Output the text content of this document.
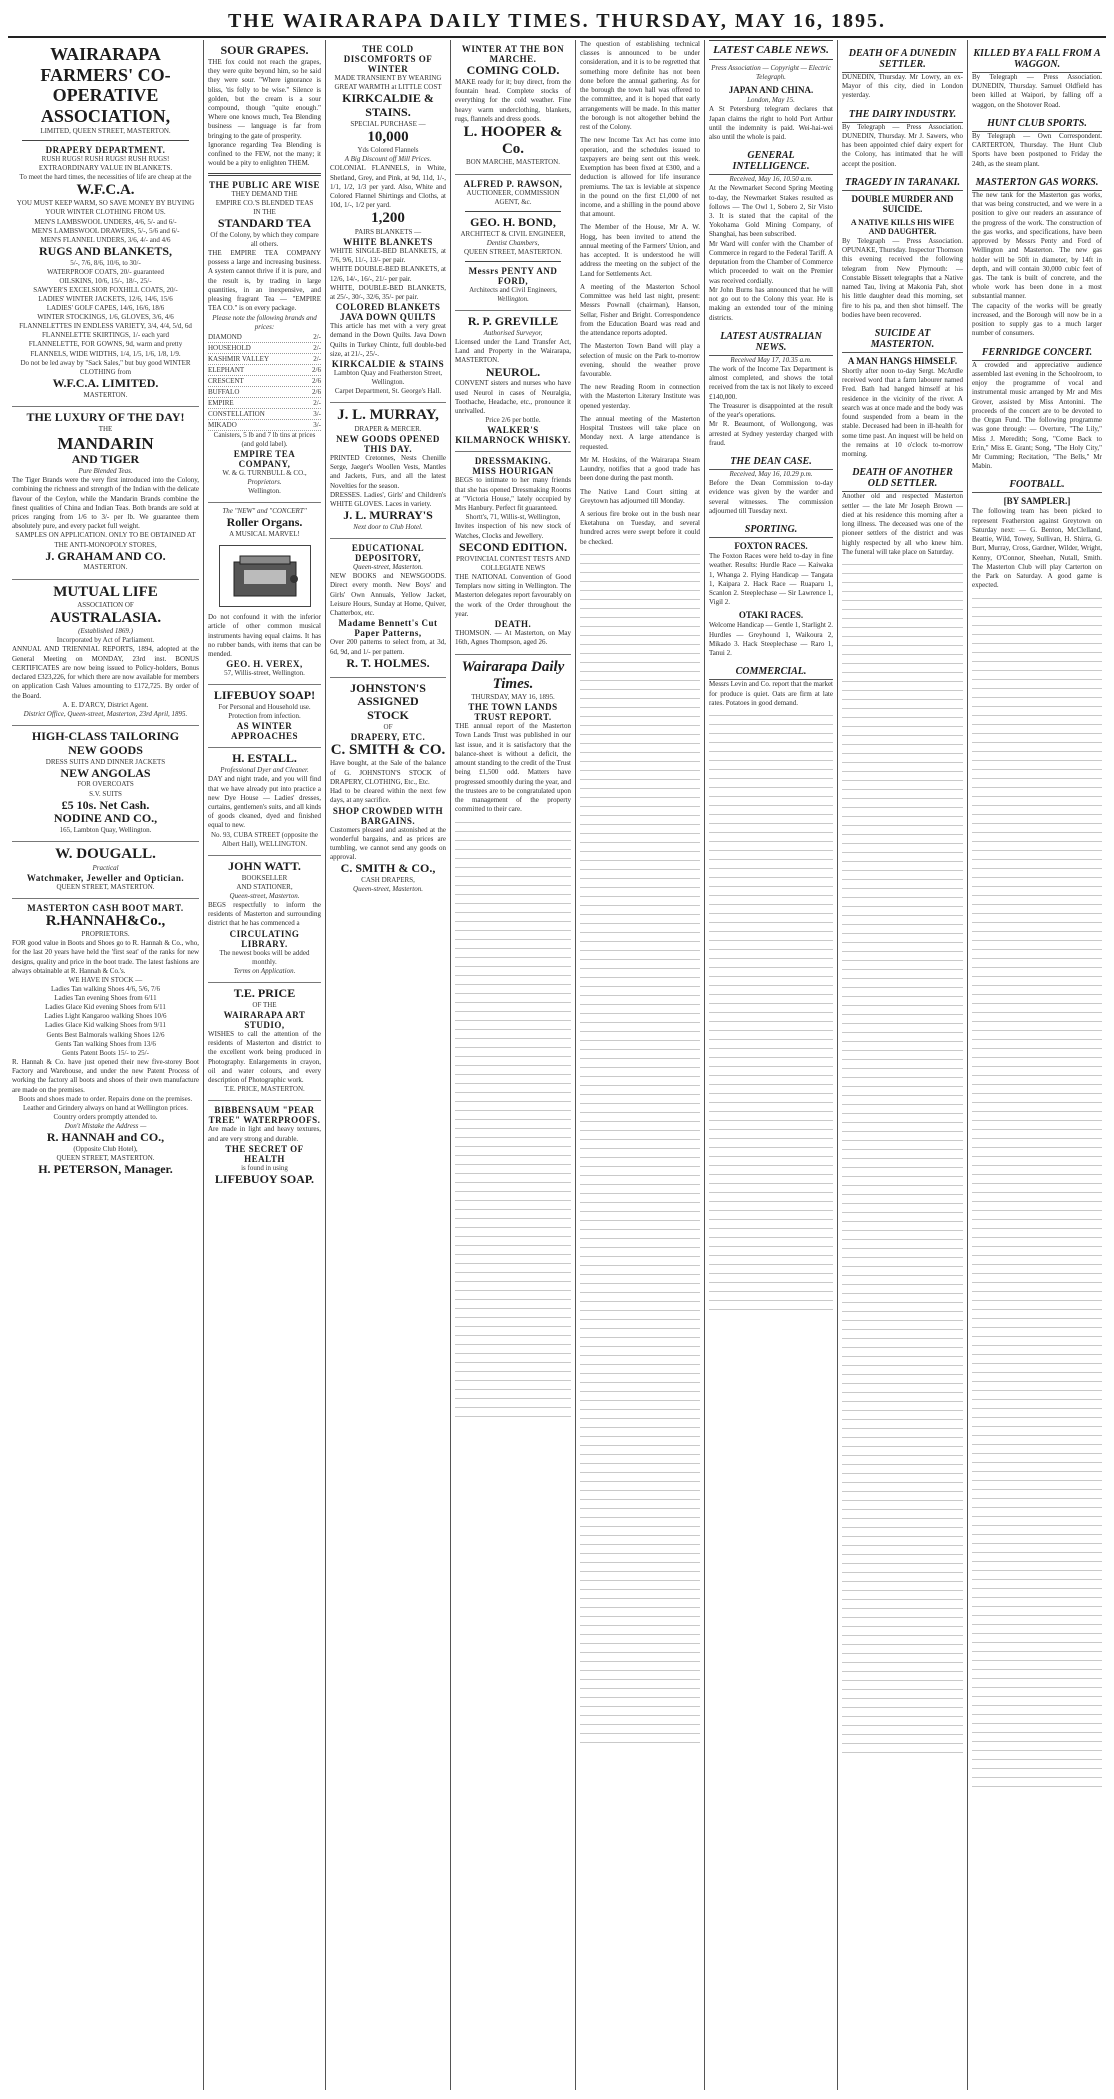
THE WAIRARAPA DAILY TIMES. THURSDAY, MAY 16, 1895.
WAIRARAPA FARMERS' CO-OPERATIVE ASSOCIATION,
LIMITED, QUEEN STREET, MASTERTON.
DRAPERY DEPARTMENT.
RUSH RUGS! RUSH RUGS! RUSH RUGS!
EXTRAORDINARY VALUE IN BLANKETS.
To meet the hard times, the necessities of life are cheap at the
W.F.C.A.
YOU MUST KEEP WARM, SO SAVE MONEY BY BUYING YOUR WINTER CLOTHING FROM US.
MEN'S LAMBSWOOL UNDERS, 4/6, 5/- and 6/-
MEN'S LAMBSWOOL DRAWERS, 5/-, 5/6 and 6/-
MEN'S FLANNEL UNDERS, 3/6, 4/- and 4/6
RUGS AND BLANKETS,
5/-, 7/6, 8/6, 10/6, to 30/-
WATERPROOF COATS, 20/- guaranteed
OILSKINS, 10/6, 15/-, 18/-, 25/-
SAWYER'S EXCELSIOR FOXHILL COATS, 20/-
LADIES' WINTER JACKETS, 12/6, 14/6, 15/6
LADIES' GOLF CAPES, 14/6, 16/6, 18/6
WINTER STOCKINGS, 1/6, GLOVES, 3/6, 4/6
FLANNELETTES IN ENDLESS VARIETY, 3/4, 4/4, 5/d, 6d
FLANNELETTE SKIRTINGS, 1/- each yard
FLANNELETTE, FOR GOWNS, 9d, warm and pretty
FLANNELS, WIDE WIDTHS, 1/4, 1/5, 1/6, 1/8, 1/9.
Do not be led away by "Sack Sales," but buy good WINTER CLOTHING from
W.F.C.A. LIMITED.
MASTERTON.
THE LUXURY OF THE DAY!
THE
MANDARIN
AND TIGER
Pure Blended Teas.
The Tiger Brands were the very first introduced into the Colony, combining the richness and strength of the Indian with the delicate flavour of the Ceylon, while the Mandarin Brands combine the finest qualities of China and Indian Teas. Both brands are sold at prices ranging from 1/6 to 3/- per lb. We guarantee them absolutely pure, and every packet full weight.
SAMPLES ON APPLICATION. ONLY TO BE OBTAINED AT
THE ANTI-MONOPOLY STORES,
J. GRAHAM AND CO.
MASTERTON.
MUTUAL LIFE
ASSOCIATION OF
AUSTRALASIA.
(Established 1869.)
Incorporated by Act of Parliament.
ANNUAL AND TRIENNIAL REPORTS, 1894, adopted at the General Meeting on MONDAY, 23rd inst. BONUS CERTIFICATES are now being issued to Policy-holders, Bonus declared £323,226, for which there are now available for members on application Cash Values amounting to £172,725. By order of the Board.
A. E. D'ARCY, District Agent.
District Office, Queen-street, Masterton, 23rd April, 1895.
HIGH-CLASS TAILORING
NEW GOODS
DRESS SUITS AND DINNER JACKETS
NEW ANGOLAS
FOR OVERCOATS
S.V. SUITS
£5 10s. Net Cash.
NODINE AND CO.,
165, Lambton Quay, Wellington.
W. DOUGALL.
Practical
Watchmaker, Jeweller and Optician.
QUEEN STREET, MASTERTON.
MASTERTON CASH BOOT MART.
R.HANNAH&Co.,
PROPRIETORS.
FOR good value in Boots and Shoes go to R. Hannah & Co., who, for the last 20 years have held the 'first seat' of the ranks for new designs, quality and price in the boot trade. The latest fashions are always obtainable at R. Hannah & Co.'s.
WE HAVE IN STOCK —
Ladies Tan walking Shoes 4/6, 5/6, 7/6
Ladies Tan evening Shoes from 6/11
Ladies Glace Kid evening Shoes from 6/11
Ladies Light Kangaroo walking Shoes 10/6
Ladies Glace Kid walking Shoes from 9/11
Gents Best Balmorals walking Shoes 12/6
Gents Tan walking Shoes from 13/6
Gents Patent Boots 15/- to 25/-
R. Hannah & Co. have just opened their new five-storey Boot Factory and Warehouse, and under the new Patent Process of working the factory all boots and shoes of their own manufacture are made on the premises.
Boots and shoes made to order. Repairs done on the premises.
Leather and Grindery always on hand at Wellington prices.
Country orders promptly attended to.
Don't Mistake the Address —
R. HANNAH and CO.,
(Opposite Club Hotel),
QUEEN STREET, MASTERTON.
H. PETERSON, Manager.
SOUR GRAPES.
THE fox could not reach the grapes, they were quite beyond him, so he said they were sour. "Where ignorance is bliss, 'tis folly to be wise." Silence is golden, but the cream is a sour compound, though "quite enough." Where one knows much, Tea Blending business — language is far from bringing to the gate of prosperity.
Ignorance regarding Tea Blending is confined to the FEW, not the many; it would be a pity to enlighten THEM.
THE PUBLIC ARE WISE
THEY DEMAND THE
EMPIRE CO.'S BLENDED TEAS
IN THE
STANDARD TEA
Of the Colony, by which they compare all others.
THE EMPIRE TEA COMPANY possess a large and increasing business. A system cannot thrive if it is pure, and the result is, by trading in large quantities, in an inexpensive, and pleasing fragrant Tea — "EMPIRE TEA CO." is on every package.
Please note the following brands and prices:
DIAMOND	2/-
HOUSEHOLD	2/-
KASHMIR VALLEY	2/-
ELEPHANT	2/6
CRESCENT	2/6
BUFFALO	2/6
EMPIRE	2/-
CONSTELLATION	3/-
MIKADO	3/-
Canisters, 5 lb and 7 lb tins at prices (and gold label).
EMPIRE TEA COMPANY,
W. & G. TURNBULL & CO.,
Proprietors.
Wellington.
The "NEW" and "CONCERT"
Roller Organs.
A MUSICAL MARVEL!
Do not confound it with the inferior article of other common musical instruments having equal claims. It has no rubber bands, with items that can be mended.
GEO. H. VEREX,
57, Willis-street, Wellington.
LIFEBUOY SOAP!
For Personal and Household use. Protection from infection.
AS WINTER APPROACHES
H. ESTALL.
Professional Dyer and Cleaner.
DAY and night trade, and you will find that we have already put into practice a new Dye House — Ladies' dresses, curtains, gentlemen's suits, and all kinds of goods cleaned, dyed and finished equal to new.
No. 93, CUBA STREET (opposite the Albert Hall), WELLINGTON.
JOHN WATT.
BOOKSELLER
AND STATIONER,
Queen-street, Masterton.
BEGS respectfully to inform the residents of Masterton and surrounding district that he has commenced a
CIRCULATING LIBRARY.
The newest books will be added monthly.
Terms on Application.
T.E. PRICE
OF THE
WAIRARAPA ART STUDIO,
WISHES to call the attention of the residents of Masterton and district to the excellent work being produced in Photography. Enlargements in crayon, oil and water colours, and every description of Photographic work.
T.E. PRICE, MASTERTON.
BIBBENSAUM "PEAR TREE" WATERPROOFS.
Are made in light and heavy textures, and are very strong and durable.
THE SECRET OF HEALTH
is found in using
LIFEBUOY SOAP.
THE COLD DISCOMFORTS OF WINTER
MADE TRANSIENT BY WEARING
GREAT WARMTH at LITTLE COST
KIRKCALDIE & STAINS.
SPECIAL PURCHASE —
10,000
Yds Colored Flannels
A Big Discount off Mill Prices.
COLONIAL FLANNELS, in White, Shetland, Grey, and Pink, at 9d, 11d, 1/-, 1/1, 1/2, 1/3 per yard. Also, White and Colored Flannel Shirtings and Cloths, at 10d, 1/-, 1/2 per yard.
1,200
PAIRS BLANKETS —
WHITE BLANKETS
WHITE SINGLE-BED BLANKETS, at 7/6, 9/6, 11/-, 13/- per pair.
WHITE DOUBLE-BED BLANKETS, at 12/6, 14/-, 16/-, 21/- per pair.
WHITE, DOUBLE-BED BLANKETS, at 25/-, 30/-, 32/6, 35/- per pair.
COLORED BLANKETS
JAVA DOWN QUILTS
This article has met with a very great demand in the Down Quilts. Java Down Quilts in Turkey Chintz, full double-bed size, at 21/-, 25/-.
KIRKCALDIE & STAINS
Lambton Quay and Featherston Street, Wellington.
Carpet Department, St. George's Hall.
J. L. MURRAY,
DRAPER & MERCER.
NEW GOODS OPENED THIS DAY.
PRINTED Cretonnes, Nests Chenille Serge, Jaeger's Woollen Vests, Mantles and Jackets, Furs, and all the latest Novelties for the season.
DRESSES. Ladies', Girls' and Children's WHITE GLOVES. Laces in variety.
J. L. MURRAY'S
Next door to Club Hotel.
EDUCATIONAL DEPOSITORY,
Queen-street, Masterton.
NEW BOOKS and NEWSGOODS. Direct every month. New Boys' and Girls' Own Annuals, Yellow Jacket, Leisure Hours, Sunday at Home, Quiver, Chatterbox, etc.
Madame Bennett's Cut Paper Patterns,
Over 200 patterns to select from, at 3d, 6d, 9d, and 1/- per pattern.
R. T. HOLMES.
JOHNSTON'S
ASSIGNED
STOCK
OF
DRAPERY, ETC.
C. SMITH & CO.
Have bought, at the Sale of the balance of G. JOHNSTON'S STOCK of DRAPERY, CLOTHING, Etc., Etc.
Had to be cleared within the next few days, at any sacrifice.
SHOP CROWDED WITH BARGAINS.
Customers pleased and astonished at the wonderful bargains, and as prices are tumbling, we cannot send any goods on approval.
C. SMITH & CO.,
CASH DRAPERS,
Queen-street, Masterton.
WINTER AT THE BON MARCHE.
COMING COLD.
MAKE ready for it; buy direct, from the fountain head. Complete stocks of everything for the cold weather. Fine heavy warm underclothing, blankets, rugs, flannels and dress goods.
L. HOOPER & Co.
BON MARCHE, MASTERTON.
ALFRED P. RAWSON,
AUCTIONEER, COMMISSION AGENT, &c.
GEO. H. BOND,
ARCHITECT & CIVIL ENGINEER,
Dentist Chambers,
QUEEN STREET, MASTERTON.
Messrs PENTY AND FORD,
Architects and Civil Engineers,
Wellington.
R. P. GREVILLE
Authorised Surveyor,
Licensed under the Land Transfer Act, Land and Property in the Wairarapa, MASTERTON.
NEUROL.
CONVENT sisters and nurses who have used Neurol in cases of Neuralgia, Toothache, Headache, etc., pronounce it unrivalled.
Price 2/6 per bottle.
WALKER'S KILMARNOCK WHISKY.
DRESSMAKING.
MISS HOURIGAN
BEGS to intimate to her many friends that she has opened Dressmaking Rooms at "Victoria House," lately occupied by Mrs Hanbury. Perfect fit guaranteed.
Shortt's, 71, Willis-st, Wellington,
Invites inspection of his new stock of Watches, Clocks and Jewellery.
SECOND EDITION.
PROVINCIAL CONTEST TESTS AND COLLEGIATE NEWS
THE NATIONAL Convention of Good Templars now sitting in Wellington. The Masterton delegates report favourably on the work of the Order throughout the year.
DEATH.
THOMSON. — At Masterton, on May 16th, Agnes Thompson, aged 26.
Wairarapa Daily Times.
THURSDAY, MAY 16, 1895.
THE TOWN LANDS TRUST REPORT.
THE annual report of the Masterton Town Lands Trust was published in our last issue, and it is satisfactory that the balance-sheet is without a deficit, the amount standing to the credit of the Trust being £1,500 odd. Matters have progressed smoothly during the year, and the trustees are to be congratulated upon the management of the property committed to their care.
The question of establishing technical classes is announced to be under consideration, and it is to be regretted that something more definite has not been done before the annual gathering. As for the borough the town hall was offered to the committee, and it is hoped that early arrangements will be made. In this matter the borough is not altogether behind the rest of the Colony.
The new Income Tax Act has come into operation, and the schedules issued to taxpayers are being sent out this week. Exemption has been fixed at £300, and a deduction is allowed for life insurance premiums. The tax is leviable at sixpence in the pound on the first £1,000 of net income, and a shilling in the pound above that amount.
The Member of the House, Mr A. W. Hogg, has been invited to attend the annual meeting of the Farmers' Union, and has accepted. It is understood he will address the meeting on the subject of the Land for Settlements Act.
A meeting of the Masterton School Committee was held last night, present: Messrs Pownall (chairman), Hanson, Sellar, Fisher and Bright. Correspondence from the Education Board was read and the attendance reports adopted.
The Masterton Town Band will play a selection of music on the Park to-morrow evening, should the weather prove favourable.
The new Reading Room in connection with the Masterton Literary Institute was opened yesterday.
The annual meeting of the Masterton Hospital Trustees will take place on Monday next. A large attendance is requested.
Mr M. Hoskins, of the Wairarapa Steam Laundry, notifies that a good trade has been done during the past month.
The Native Land Court sitting at Greytown has adjourned till Monday.
A serious fire broke out in the bush near Eketahuna on Tuesday, and several hundred acres were swept before it could be checked.
LATEST CABLE NEWS.
Press Association — Copyright — Electric Telegraph.
JAPAN AND CHINA.
London, May 15.
A St Petersburg telegram declares that Japan claims the right to hold Port Arthur until the indemnity is paid. Wei-hai-wei also until the whole is paid.
GENERAL INTELLIGENCE.
Received, May 16, 10.50 a.m.
At the Newmarket Second Spring Meeting to-day, the Newmarket Stakes resulted as follows — The Owl 1, Sobero 2, Sir Visto 3. It is stated that the capital of the Yokohama Gold Mining Company, of Shanghai, has been subscribed.
Mr Ward will confer with the Chamber of Commerce in regard to the Federal Tariff. A deputation from the Chamber of Commerce which proceeded to wait on the Premier was received cordially.
Mr John Burns has announced that he will not go out to the Colony this year. He is making an extended tour of the mining districts.
LATEST AUSTRALIAN NEWS.
Received May 17, 10.35 a.m.
The work of the Income Tax Department is almost completed, and shows the total received from the tax is not likely to exceed £140,000.
The Treasurer is disappointed at the result of the year's operations.
Mr R. Beaumont, of Wollongong, was arrested at Sydney yesterday charged with fraud.
THE DEAN CASE.
Received, May 16, 10.29 p.m.
Before the Dean Commission to-day evidence was given by the warder and several witnesses. The commission adjourned till Tuesday next.
SPORTING.
FOXTON RACES.
The Foxton Races were held to-day in fine weather. Results: Hurdle Race — Kaiwaka 1, Whanga 2. Flying Handicap — Tangata 1, Kaipara 2. Hack Race — Ruaparu 1, Scanlon 2. Steeplechase — Sir Lawrence 1, Vigil 2.
OTAKI RACES.
Welcome Handicap — Gentle 1, Starlight 2. Hurdles — Greyhound 1, Waikoura 2, Mikado 3. Hack Steeplechase — Raro 1, Tanui 2.
COMMERCIAL.
Messrs Levin and Co. report that the market for produce is quiet. Oats are firm at late rates. Potatoes in good demand.
DEATH OF A DUNEDIN SETTLER.
DUNEDIN, Thursday. Mr Lowry, an ex-Mayor of this city, died in London yesterday.
THE DAIRY INDUSTRY.
By Telegraph — Press Association. DUNEDIN, Thursday. Mr J. Sawers, who has been appointed chief dairy expert for the Colony, has intimated that he will accept the position.
TRAGEDY IN TARANAKI.
DOUBLE MURDER AND SUICIDE.
A NATIVE KILLS HIS WIFE AND DAUGHTER.
By Telegraph — Press Association. OPUNAKE, Thursday. Inspector Thomson this evening received the following telegram from New Plymouth: — Constable Bissett telegraphs that a Native named Tau, living at Makonia Pah, shot his little daughter dead this morning, set fire to his pa, and then shot himself. The bodies have been recovered.
SUICIDE AT MASTERTON.
A MAN HANGS HIMSELF.
Shortly after noon to-day Sergt. McArdle received word that a farm labourer named Fred. Bath had hanged himself at his residence in the vicinity of the river. A search was at once made and the body was found suspended from a beam in the stable. Deceased had been in ill-health for some time past. An inquest will be held on the remains at 10 o'clock to-morrow morning.
DEATH OF ANOTHER OLD SETTLER.
Another old and respected Masterton settler — the late Mr Joseph Brown — died at his residence this morning after a long illness. The deceased was one of the pioneer settlers of the district and was highly respected by all who knew him. The funeral will take place on Saturday.
KILLED BY A FALL FROM A WAGGON.
By Telegraph — Press Association. DUNEDIN, Thursday. Samuel Oldfield has been killed at Waipori, by falling off a waggon, on the Shotover Road.
HUNT CLUB SPORTS.
By Telegraph — Own Correspondent. CARTERTON, Thursday. The Hunt Club Sports have been postponed to Friday the 24th, as the steam plant.
MASTERTON GAS WORKS.
The new tank for the Masterton gas works, that was being constructed, and we were in a position to give our readers an assurance of the progress of the work. The construction of the gas works, and specifications, have been approved by Messrs Penty and Ford of Wellington and Masterton. The new gas holder will be 50ft in diameter, by 14ft in depth, and will contain 30,000 cubic feet of gas. The tank is built of concrete, and the whole work has been done in a most substantial manner.
The capacity of the works will be greatly increased, and the Borough will now be in a position to supply gas to a much larger number of consumers.
FERNRIDGE CONCERT.
A crowded and appreciative audience assembled last evening in the Schoolroom, to enjoy the programme of vocal and instrumental music arranged by Mr and Mrs Grover, assisted by Miss Antonini. The proceeds of the concert are to be devoted to the Organ Fund. The following programme was gone through: — Overture, "The Lily," Miss J. Meredith; Song, "Come Back to Erin," Miss E. Grant; Song, "The Holy City," Mr Cumming; Recitation, "The Bells," Mr Mabin.
FOOTBALL.
[BY SAMPLER.]
The following team has been picked to represent Featherston against Greytown on Saturday next: — G. Benton, McClelland, Beattie, Wild, Towey, Sullivan, H. Shirra, G. Burt, Murray, Cross, Gardner, Wilder, Wright, Kenny, O'Connor, Sheehan, Nutall, Smith. The Masterton Club will play Carterton on the Park on Saturday. A good game is expected.
